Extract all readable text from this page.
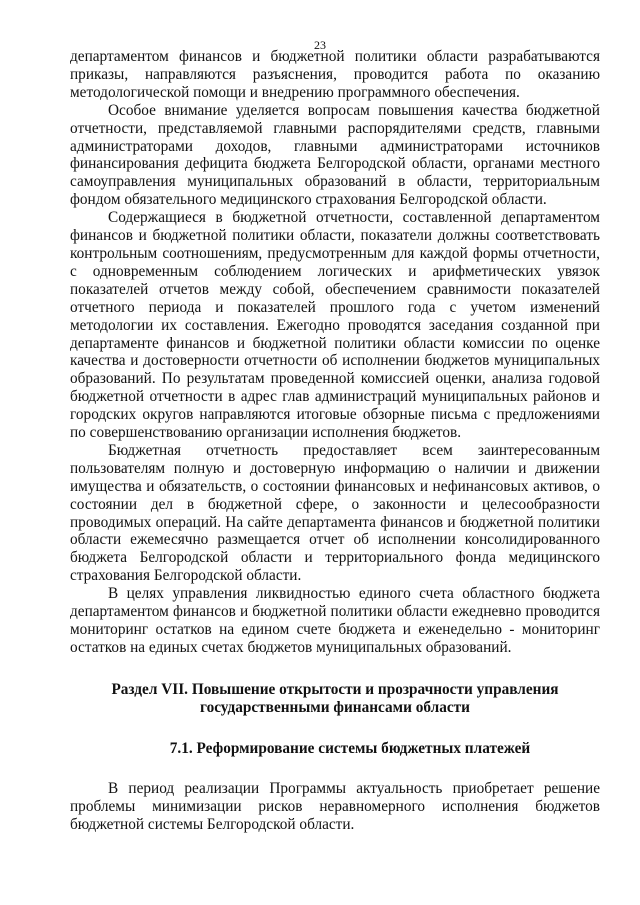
23

департаментом финансов и бюджетной политики области разрабатываются приказы, направляются разъяснения, проводится работа по оказанию методологической помощи и внедрению программного обеспечения.

Особое внимание уделяется вопросам повышения качества бюджетной отчетности, представляемой главными распорядителями средств, главными администраторами доходов, главными администраторами источников финансирования дефицита бюджета Белгородской области, органами местного самоуправления муниципальных образований в области, территориальным фондом обязательного медицинского страхования Белгородской области.

Содержащиеся в бюджетной отчетности, составленной департаментом финансов и бюджетной политики области, показатели должны соответствовать контрольным соотношениям, предусмотренным для каждой формы отчетности, с одновременным соблюдением логических и арифметических увязок показателей отчетов между собой, обеспечением сравнимости показателей отчетного периода и показателей прошлого года с учетом изменений методологии их составления. Ежегодно проводятся заседания созданной при департаменте финансов и бюджетной политики области комиссии по оценке качества и достоверности отчетности об исполнении бюджетов муниципальных образований. По результатам проведенной комиссией оценки, анализа годовой бюджетной отчетности в адрес глав администраций муниципальных районов и городских округов направляются итоговые обзорные письма с предложениями по совершенствованию организации исполнения бюджетов.

Бюджетная отчетность предоставляет всем заинтересованным пользователям полную и достоверную информацию о наличии и движении имущества и обязательств, о состоянии финансовых и нефинансовых активов, о состоянии дел в бюджетной сфере, о законности и целесообразности проводимых операций. На сайте департамента финансов и бюджетной политики области ежемесячно размещается отчет об исполнении консолидированного бюджета Белгородской области и территориального фонда медицинского страхования Белгородской области.

В целях управления ликвидностью единого счета областного бюджета департаментом финансов и бюджетной политики области ежедневно проводится мониторинг остатков на едином счете бюджета и еженедельно - мониторинг остатков на единых счетах бюджетов муниципальных образований.

Раздел VII. Повышение открытости и прозрачности управления
государственными финансами области
7.1. Реформирование системы бюджетных платежей

В период реализации Программы актуальность приобретает решение проблемы минимизации рисков неравномерного исполнения бюджетов бюджетной системы Белгородской области.
